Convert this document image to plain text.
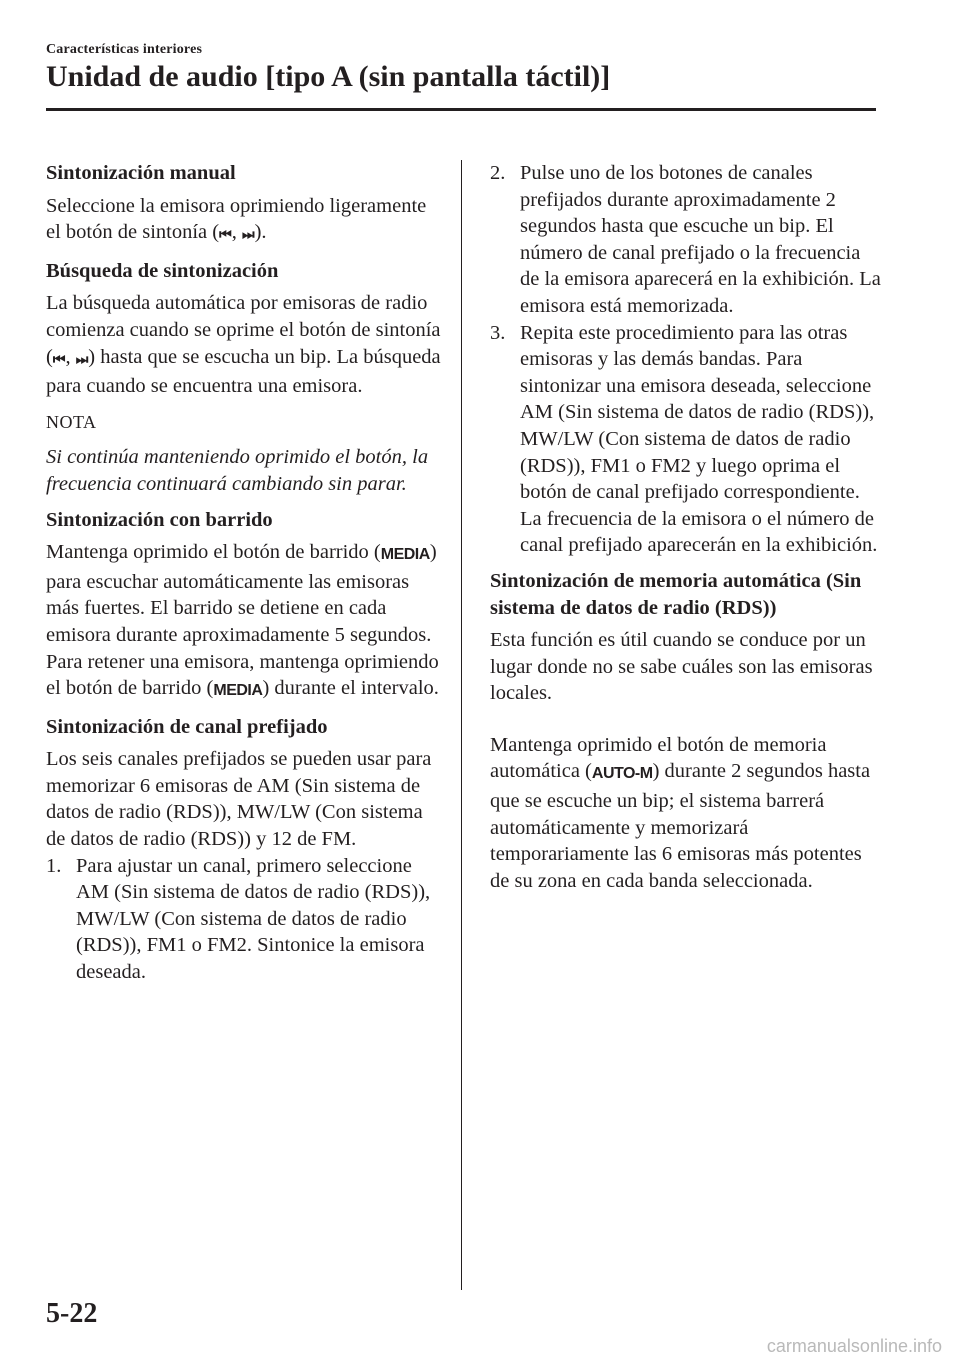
Características interiores
Unidad de audio [tipo A (sin pantalla táctil)]
Sintonización manual

Seleccione la emisora oprimiendo ligeramente el botón de sintonía (⏮ , ⏭ ).

Búsqueda de sintonización

La búsqueda automática por emisoras de radio comienza cuando se oprime el botón de sintonía (⏮ , ⏭ ) hasta que se escucha un bip. La búsqueda para cuando se encuentra una emisora.

NOTA

Si continúa manteniendo oprimido el botón, la frecuencia continuará cambiando sin parar.

Sintonización con barrido

Mantenga oprimido el botón de barrido (MEDIA) para escuchar automáticamente las emisoras más fuertes. El barrido se detiene en cada emisora durante aproximadamente 5 segundos. Para retener una emisora, mantenga oprimiendo el botón de barrido (MEDIA) durante el intervalo.

Sintonización de canal prefijado

Los seis canales prefijados se pueden usar para memorizar 6 emisoras de AM (Sin sistema de datos de radio (RDS)), MW/LW (Con sistema de datos de radio (RDS)) y 12 de FM.

1. Para ajustar un canal, primero seleccione AM (Sin sistema de datos de radio (RDS)), MW/LW (Con sistema de datos de radio (RDS)), FM1 o FM2. Sintonice la emisora deseada.
2. Pulse uno de los botones de canales prefijados durante aproximadamente 2 segundos hasta que escuche un bip. El número de canal prefijado o la frecuencia de la emisora aparecerá en la exhibición. La emisora está memorizada.
3. Repita este procedimiento para las otras emisoras y las demás bandas. Para sintonizar una emisora deseada, seleccione AM (Sin sistema de datos de radio (RDS)), MW/LW (Con sistema de datos de radio (RDS)), FM1 o FM2 y luego oprima el botón de canal prefijado correspondiente. La frecuencia de la emisora o el número de canal prefijado aparecerán en la exhibición.
Sintonización de memoria automática (Sin sistema de datos de radio (RDS))

Esta función es útil cuando se conduce por un lugar donde no se sabe cuáles son las emisoras locales.

Mantenga oprimido el botón de memoria automática (AUTO-M) durante 2 segundos hasta que se escuche un bip; el sistema barrerá automáticamente y memorizará temporariamente las 6 emisoras más potentes de su zona en cada banda seleccionada.

5-22
carmanualsonline.info
